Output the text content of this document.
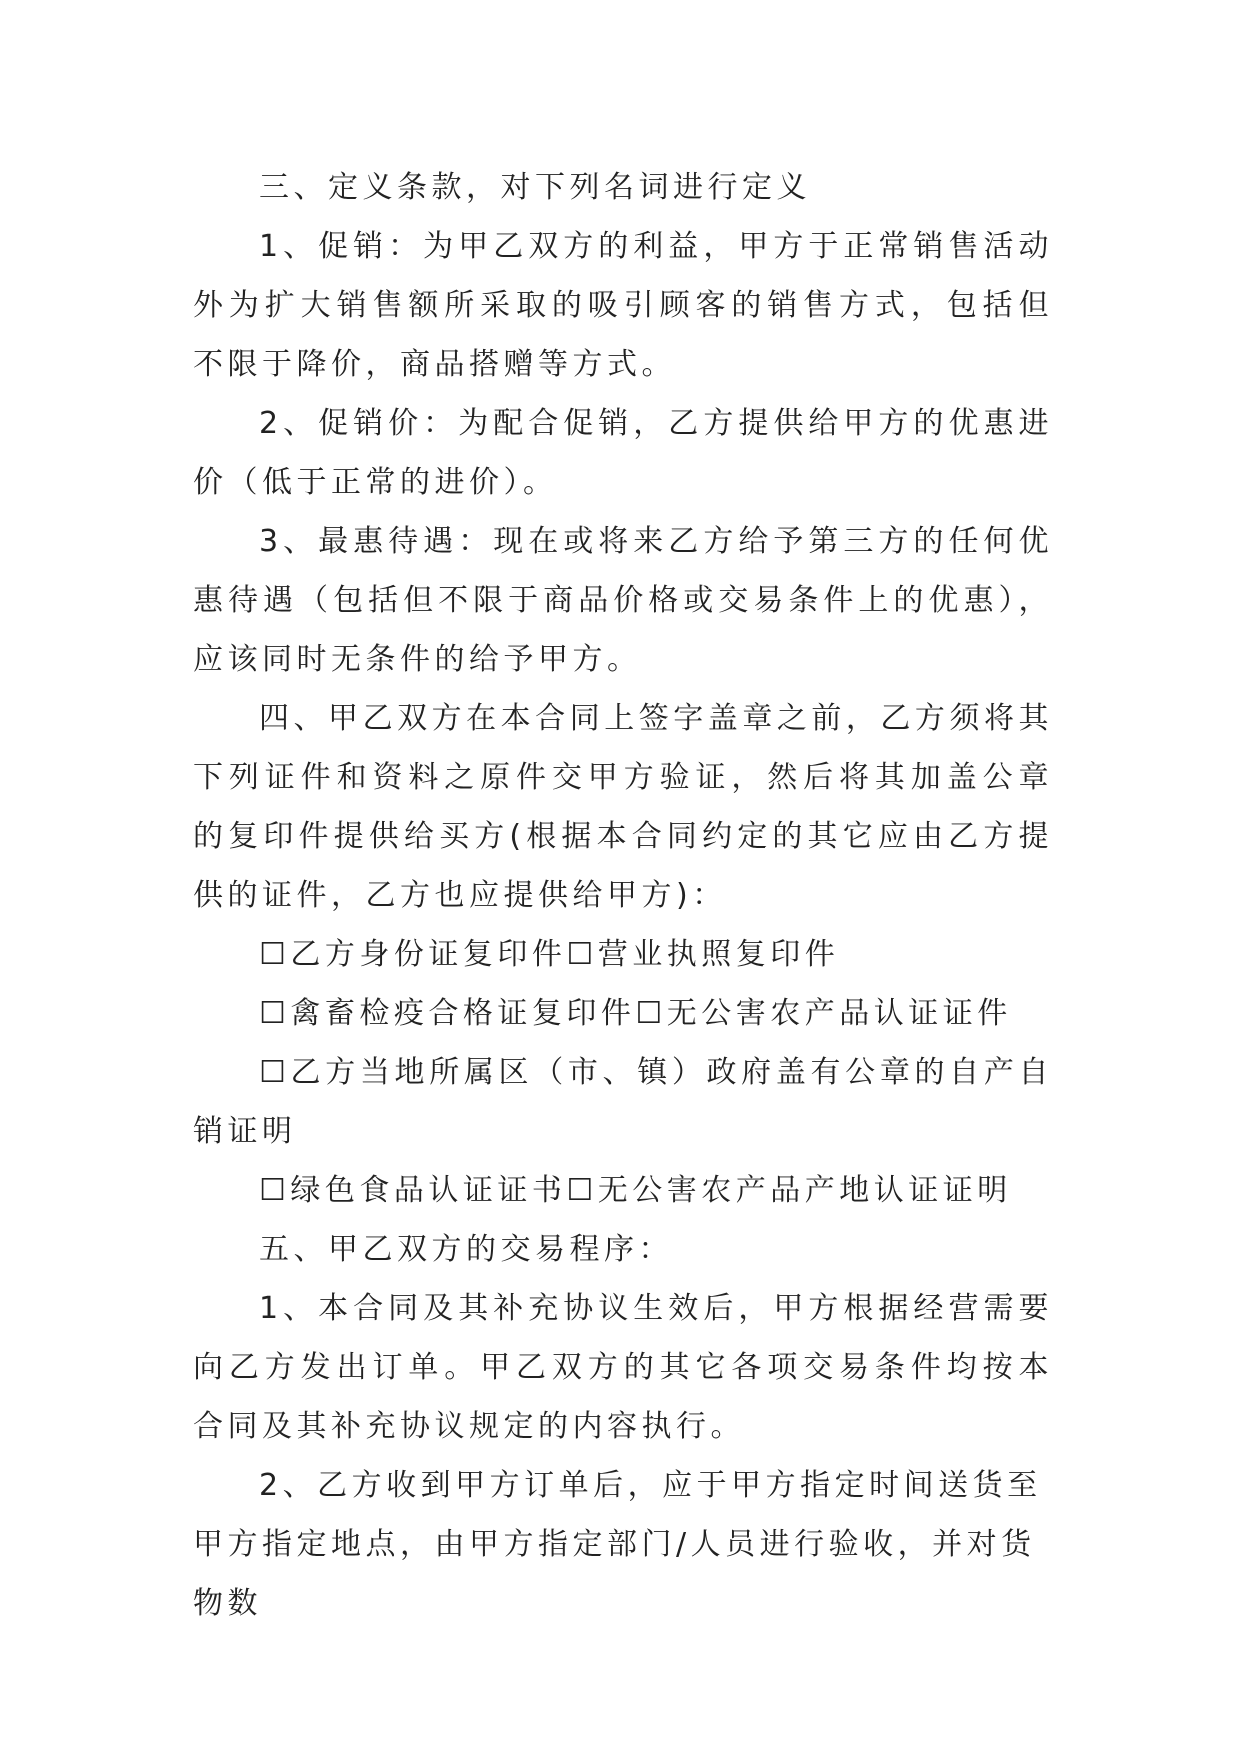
三、定义条款，对下列名词进行定义

1、促销：为甲乙双方的利益，甲方于正常销售活动外为扩大销售额所采取的吸引顾客的销售方式，包括但不限于降价，商品搭赠等方式。

2、促销价：为配合促销，乙方提供给甲方的优惠进价（低于正常的进价）。

3、最惠待遇：现在或将来乙方给予第三方的任何优惠待遇（包括但不限于商品价格或交易条件上的优惠），应该同时无条件的给予甲方。

四、甲乙双方在本合同上签字盖章之前，乙方须将其下列证件和资料之原件交甲方验证，然后将其加盖公章的复印件提供给买方(根据本合同约定的其它应由乙方提供的证件，乙方也应提供给甲方)：

☐乙方身份证复印件☐营业执照复印件

☐禽畜检疫合格证复印件☐无公害农产品认证证件

☐乙方当地所属区（市、镇）政府盖有公章的自产自销证明

☐绿色食品认证证书☐无公害农产品产地认证证明

五、甲乙双方的交易程序：

1、本合同及其补充协议生效后，甲方根据经营需要向乙方发出订单。甲乙双方的其它各项交易条件均按本合同及其补充协议规定的内容执行。

2、乙方收到甲方订单后，应于甲方指定时间送货至甲方指定地点，由甲方指定部门/人员进行验收，并对货物数
